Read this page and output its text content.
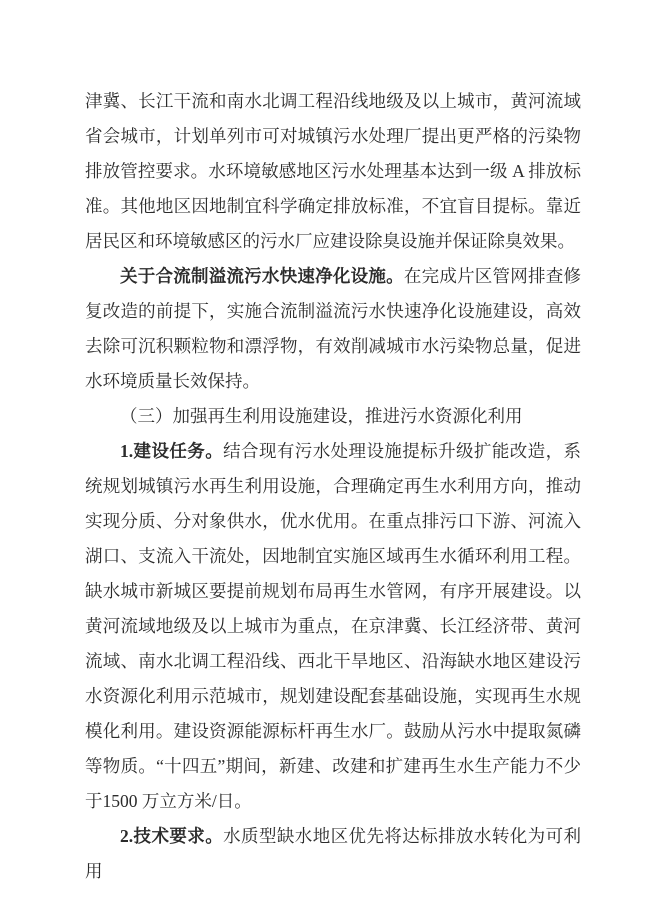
津冀、长江干流和南水北调工程沿线地级及以上城市，黄河流域省会城市，计划单列市可对城镇污水处理厂提出更严格的污染物排放管控要求。水环境敏感地区污水处理基本达到一级 A 排放标准。其他地区因地制宜科学确定排放标准，不宜盲目提标。靠近居民区和环境敏感区的污水厂应建设除臭设施并保证除臭效果。

关于合流制溢流污水快速净化设施。在完成片区管网排查修复改造的前提下，实施合流制溢流污水快速净化设施建设，高效去除可沉积颗粒物和漂浮物，有效削减城市水污染物总量，促进水环境质量长效保持。

（三）加强再生利用设施建设，推进污水资源化利用

1.建设任务。结合现有污水处理设施提标升级扩能改造，系统规划城镇污水再生利用设施，合理确定再生水利用方向，推动实现分质、分对象供水，优水优用。在重点排污口下游、河流入湖口、支流入干流处，因地制宜实施区域再生水循环利用工程。缺水城市新城区要提前规划布局再生水管网，有序开展建设。以黄河流域地级及以上城市为重点，在京津冀、长江经济带、黄河流域、南水北调工程沿线、西北干旱地区、沿海缺水地区建设污水资源化利用示范城市，规划建设配套基础设施，实现再生水规模化利用。建设资源能源标杆再生水厂。鼓励从污水中提取氮磷等物质。“十四五”期间，新建、改建和扩建再生水生产能力不少于1500 万立方米/日。

2.技术要求。水质型缺水地区优先将达标排放水转化为可利用
